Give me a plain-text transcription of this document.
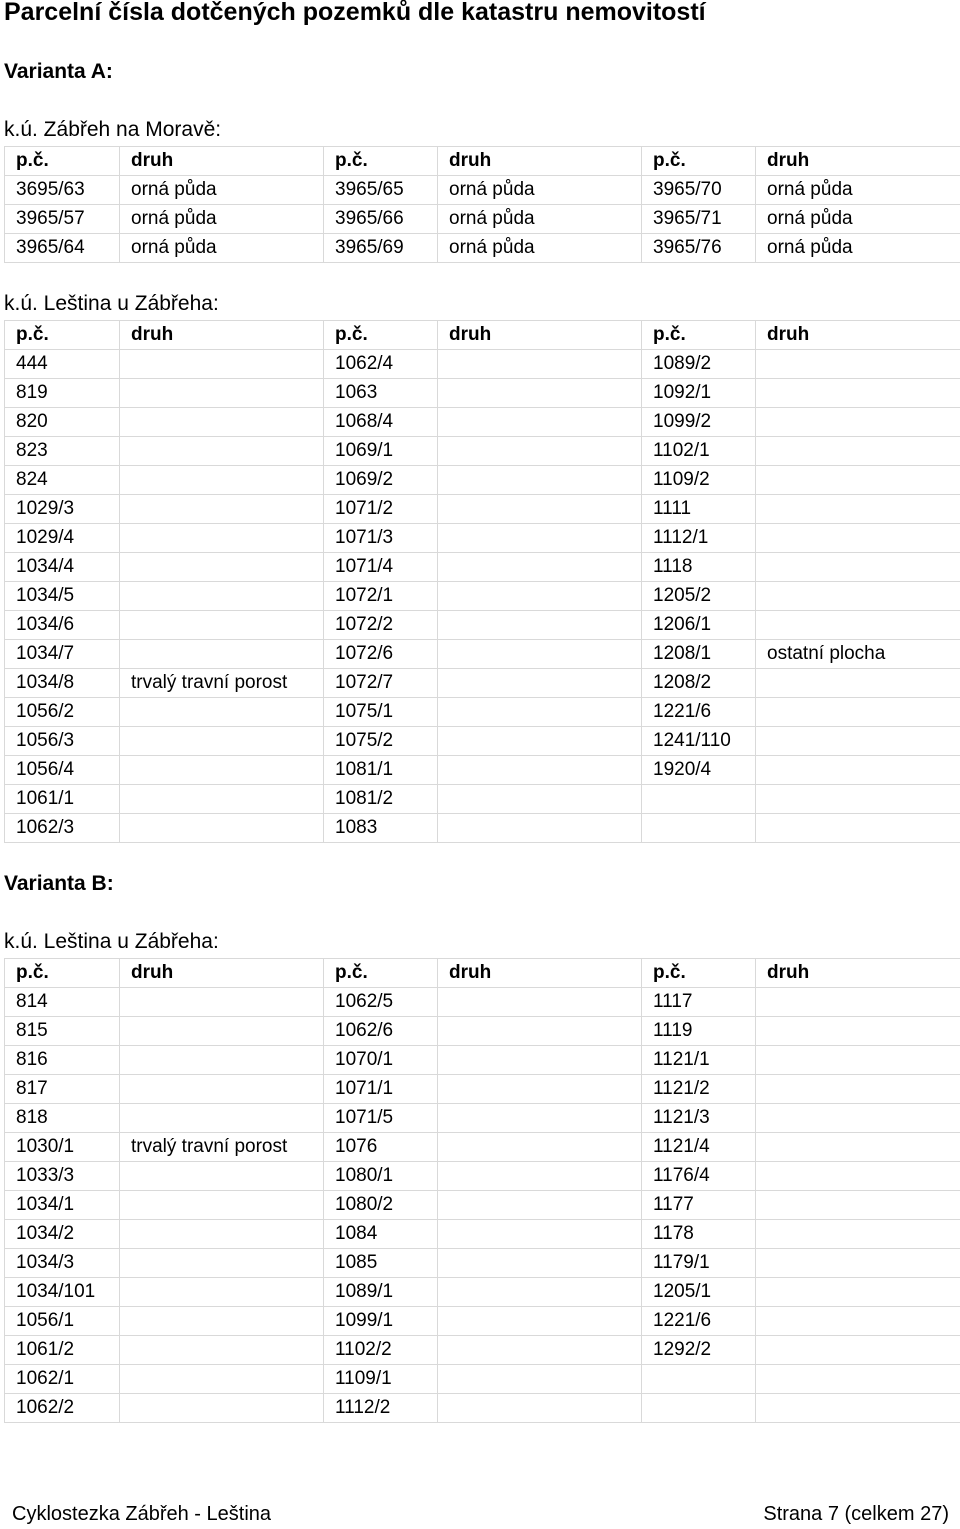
Parcelní čísla dotčených pozemků dle katastru nemovitostí
Varianta A:
k.ú. Zábřeh na Moravě:
p.č.	druh	p.č.	druh	p.č.	druh
3695/63	orná půda	3965/65	orná půda	3965/70	orná půda
3965/57	orná půda	3965/66	orná půda	3965/71	orná půda
3965/64	orná půda	3965/69	orná půda	3965/76	orná půda
k.ú. Leština u Zábřeha:
p.č.	druh	p.č.	druh	p.č.	druh
444		1062/4		1089/2	
819		1063		1092/1	
820		1068/4		1099/2	
823		1069/1		1102/1	
824		1069/2		1109/2	
1029/3		1071/2		1111	
1029/4		1071/3		1112/1	
1034/4		1071/4		1118	
1034/5		1072/1		1205/2	
1034/6		1072/2		1206/1	
1034/7		1072/6		1208/1	ostatní plocha
1034/8	trvalý travní porost	1072/7		1208/2	
1056/2		1075/1		1221/6	
1056/3		1075/2		1241/110	
1056/4		1081/1		1920/4	
1061/1		1081/2			
1062/3		1083			
Varianta B:
k.ú. Leština u Zábřeha:
p.č.	druh	p.č.	druh	p.č.	druh
814		1062/5		1117	
815		1062/6		1119	
816		1070/1		1121/1	
817		1071/1		1121/2	
818		1071/5		1121/3	
1030/1	trvalý travní porost	1076		1121/4	
1033/3		1080/1		1176/4	
1034/1		1080/2		1177	
1034/2		1084		1178	
1034/3		1085		1179/1	
1034/101		1089/1		1205/1	
1056/1		1099/1		1221/6	
1061/2		1102/2		1292/2	
1062/1		1109/1			
1062/2		1112/2			
Cyklostezka Zábřeh - Leština	Strana 7 (celkem 27)
